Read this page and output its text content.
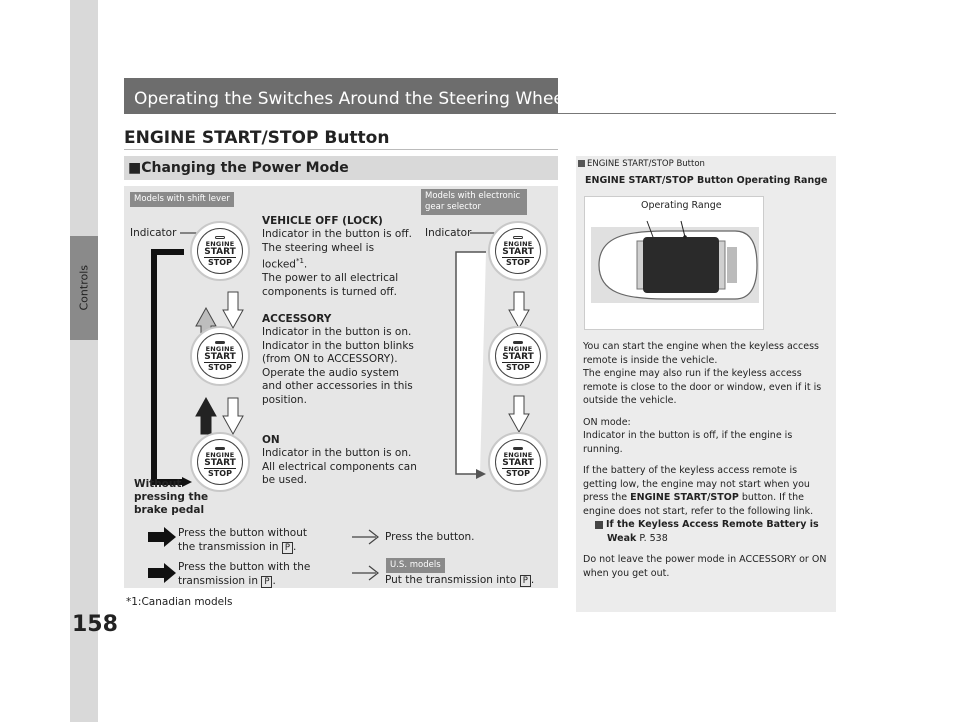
Controls
158
Operating the Switches Around the Steering Wheel
ENGINE START/STOP Button
■Changing the Power Mode
Models with shift lever	Models with electronic
gear selector
Indicator	Indicator
ENGINE
START
STOP
ENGINE
START
STOP
ENGINE
START
STOP
ENGINE
START
STOP
ENGINE
START
STOP
ENGINE
START
STOP
VEHICLE OFF (LOCK)
Indicator in the button is off.
The steering wheel is locked$^{*1}$.
The power to all electrical
components is turned off.
ACCESSORY
Indicator in the button is on.
Indicator in the button blinks
(from ON to ACCESSORY).
Operate the audio system
and other accessories in this
position.
ON
Indicator in the button is on.
All electrical components can
be used.
Without
pressing the
brake pedal
Press the button without
the transmission in P .
Press the button with the
transmission in P .
Press the button.
U.S. models
Put the transmission into P .
*1:Canadian models
ENGINE START/STOP Button
ENGINE START/STOP Button Operating Range
Operating Range
You can start the engine when the keyless access remote is inside the vehicle.
The engine may also run if the keyless access remote is close to the door or window, even if it is outside the vehicle.
ON mode:
Indicator in the button is off, if the engine is running.
If the battery of the keyless access remote is getting low, the engine may not start when you press the ENGINE START/STOP button. If the engine does not start, refer to the following link.
If the Keyless Access Remote Battery is
Weak P. 538
Do not leave the power mode in ACCESSORY or ON when you get out.
